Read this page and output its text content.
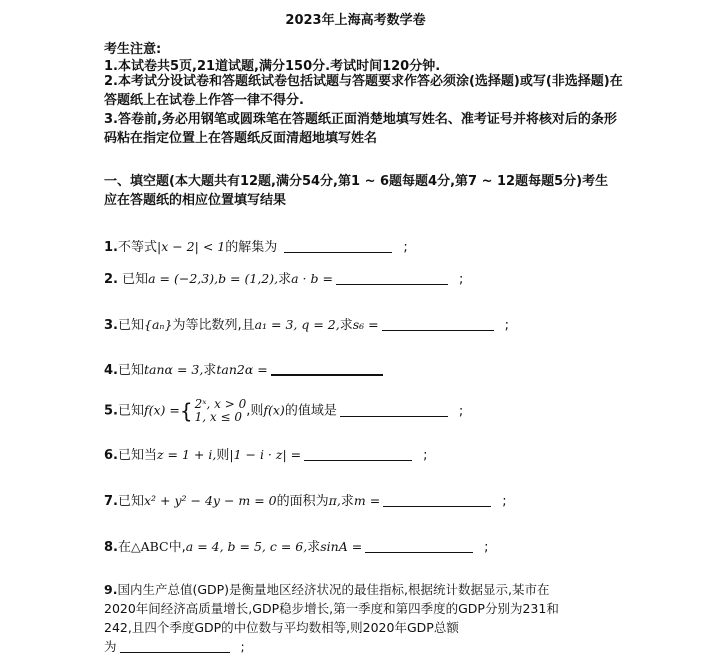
2023年上海高考数学卷
考生注意:
1.本试卷共5页,21道试题,满分150分.考试时间120分钟.
2.本考试分设试卷和答题纸试卷包括试题与答题要求作答必须涂(选择题)或写(非选择题)在答题纸上在试卷上作答一律不得分.
3.答卷前,务必用钢笔或圆珠笔在答题纸正面消楚地填写姓名、准考证号并将核对后的条形码粘在指定位置上在答题纸反面清超地填写姓名
一、填空题(本大题共有12题,满分54分,第1 ~ 6题每题4分,第7 ~ 12题每题5分)考生应在答题纸的相应位置填写结果
1.不等式|x − 2| < 1的解集为	;
2. 已知a = (−2,3),b = (1,2),求a · b =	;
3.已知{aₙ}为等比数列,且a₁ = 3, q = 2,求s₆ =	;
4.已知tanα = 3,求tan2α =
5.已知f(x) ={ 2ˣ, x > 0
1, x ≤ 0 ,则f(x)的值域是	;
6.已知当z = 1 + i,则|1 − i · z| =	;
7.已知x² + y² − 4y − m = 0的面积为π,求m =	;
8.在△ABC中,a = 4, b = 5, c = 6,求sinA =	;
9.国内生产总值(GDP)是衡量地区经济状况的最佳指标,根据统计数据显示,某市在
2020年间经济高质量增长,GDP稳步增长,第一季度和第四季度的GDP分别为231和
242,且四个季度GDP的中位数与平均数相等,则2020年GDP总额
为	;
